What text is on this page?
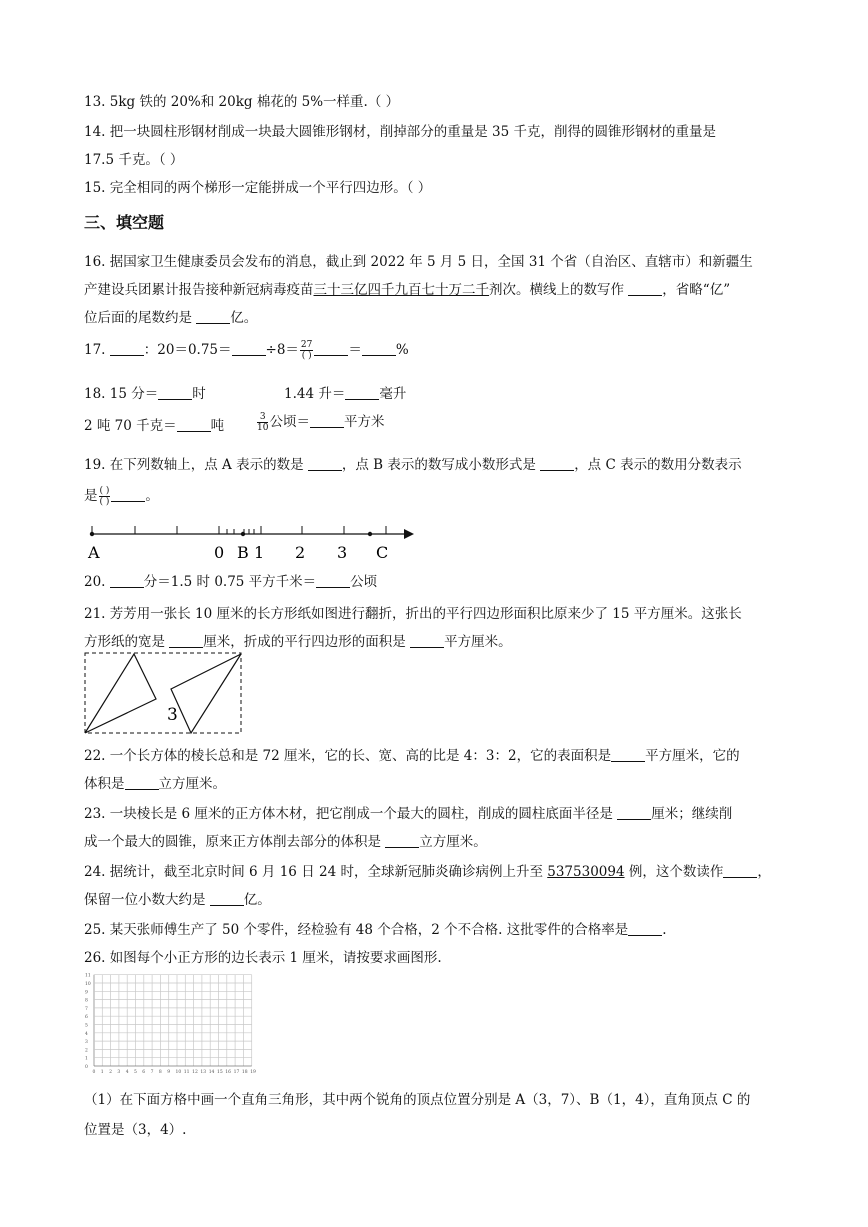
13. 5kg 铁的 20%和 20kg 棉花的 5%一样重.（ ）
14. 把一块圆柱形钢材削成一块最大圆锥形钢材，削掉部分的重量是 35 千克，削得的圆锥形钢材的重量是
17.5 千克。（ ）
15. 完全相同的两个梯形一定能拼成一个平行四边形。（ ）
三、填空题
16. 据国家卫生健康委员会发布的消息，截止到 2022 年 5 月 5 日，全国 31 个省（自治区、直辖市）和新疆生
产建设兵团累计报告接种新冠病毒疫苗三十三亿四千九百七十万二千剂次。横线上的数写作	，省略“亿”
位后面的尾数约是	亿。
17.	：20＝0.75＝	$\div 8= \frac{27}{( )}$	＝	%
18. 15 分＝	时	1.44 升＝	毫升
2 吨 70 千克＝	吨	$\frac{3}{10}$ 公顷＝	平方米
19. 在下列数轴上，点 A 表示的数是	，点 B 表示的数写成小数形式是	，点 C 表示的数用分数表示
是 $\frac{( )}{( )}$	。
A	0 B 1 2 3 C
20.	分＝1.5 时 0.75 平方千米＝	公顷
21. 芳芳用一张长 10 厘米的长方形纸如图进行翻折，折出的平行四边形面积比原来少了 15 平方厘米。这张长
方形纸的宽是	厘米，折成的平行四边形的面积是	平方厘米。
3
22. 一个长方体的棱长总和是 72 厘米，它的长、宽、高的比是 4：3：2，它的表面积是	平方厘米，它的
体积是	立方厘米。
23. 一块棱长是 6 厘米的正方体木材，把它削成一个最大的圆柱，削成的圆柱底面半径是	厘米；继续削
成一个最大的圆锥，原来正方体削去部分的体积是	立方厘米。
24. 据统计，截至北京时间 6 月 16 日 24 时，全球新冠肺炎确诊病例上升至 537530094 例，这个数读作	，
保留一位小数大约是	亿。
25. 某天张师傅生产了 50 个零件，经检验有 48 个合格，2 个不合格. 这批零件的合格率是	.
26. 如图每个小正方形的边长表示 1 厘米，请按要求画图形.
11
10
9
8
7
6
5
4
3
2
1
0
0 1 2 3 4 5 6 7 8 9 10 11 12 13 14 15 16 17 18 19
（1）在下面方格中画一个直角三角形，其中两个锐角的顶点位置分别是 A（3，7）、B（1，4），直角顶点 C 的
位置是（3，4）.
